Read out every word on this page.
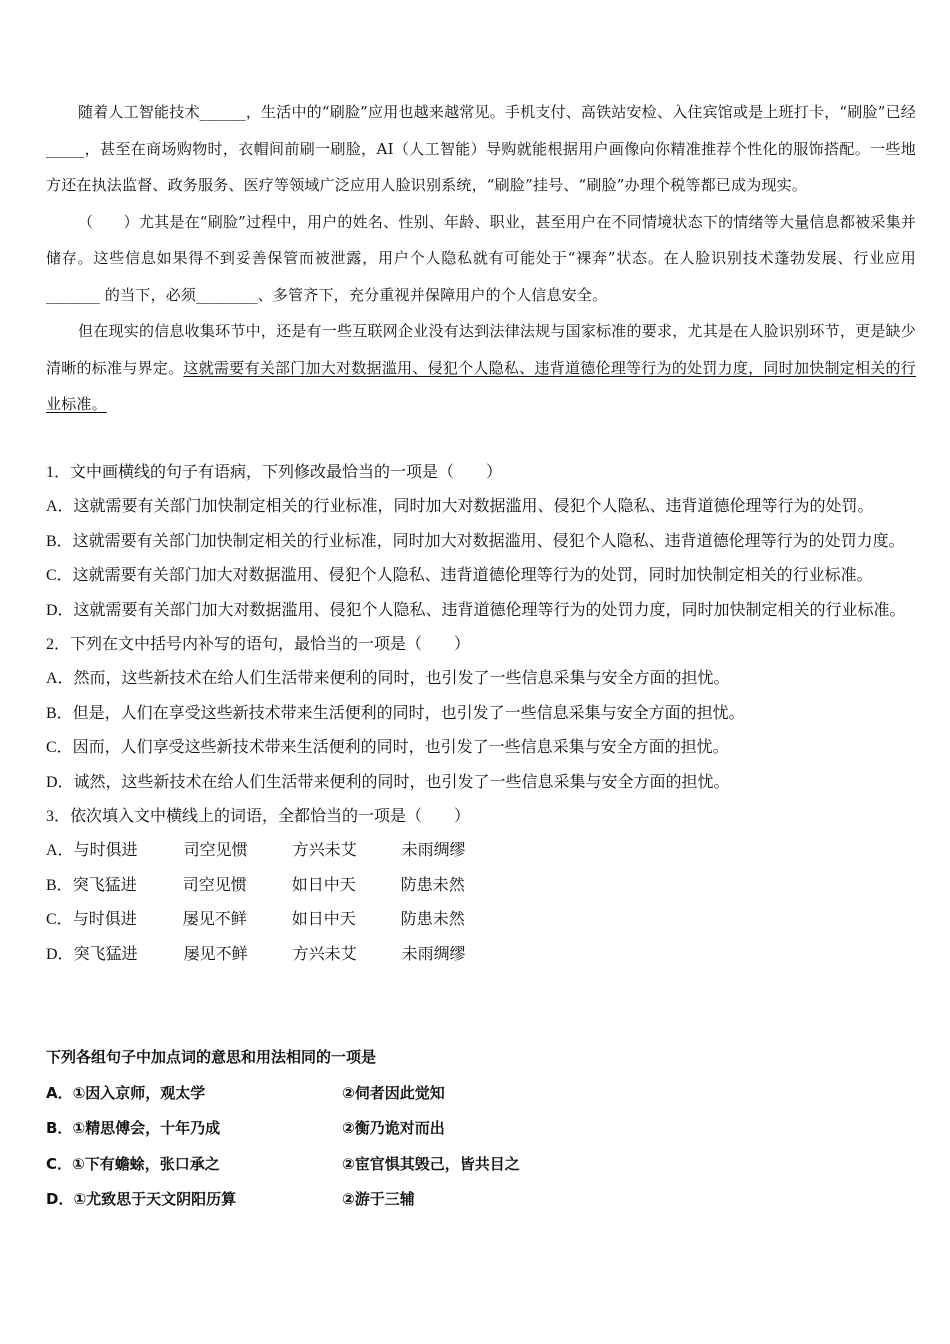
随着人工智能技术______，生活中的“刷脸”应用也越来越常见。手机支付、高铁站安检、入住宾馆或是上班打卡，“刷脸”已经 _____，甚至在商场购物时，衣帽间前刷一刷脸，AI（人工智能）导购就能根据用户画像向你精准推荐个性化的服饰搭配。一些地方还在执法监督、政务服务、医疗等领域广泛应用人脸识别系统，“刷脸”挂号、“刷脸”办理个税等都已成为现实。

（　　）尤其是在“刷脸”过程中，用户的姓名、性别、年龄、职业，甚至用户在不同情境状态下的情绪等大量信息都被采集并储存。这些信息如果得不到妥善保管而被泄露，用户个人隐私就有可能处于“裸奔”状态。在人脸识别技术蓬勃发展、行业应用_______ 的当下，必须________、多管齐下，充分重视并保障用户的个人信息安全。

但在现实的信息收集环节中，还是有一些互联网企业没有达到法律法规与国家标准的要求，尤其是在人脸识别环节，更是缺少清晰的标准与界定。这就需要有关部门加大对数据滥用、侵犯个人隐私、违背道德伦理等行为的处罚力度，同时加快制定相关的行业标准。

1．文中画横线的句子有语病，下列修改最恰当的一项是（　　）
A．这就需要有关部门加快制定相关的行业标准，同时加大对数据滥用、侵犯个人隐私、违背道德伦理等行为的处罚。
B．这就需要有关部门加快制定相关的行业标准，同时加大对数据滥用、侵犯个人隐私、违背道德伦理等行为的处罚力度。
C．这就需要有关部门加大对数据滥用、侵犯个人隐私、违背道德伦理等行为的处罚，同时加快制定相关的行业标准。
D．这就需要有关部门加大对数据滥用、侵犯个人隐私、违背道德伦理等行为的处罚力度，同时加快制定相关的行业标准。
2．下列在文中括号内补写的语句，最恰当的一项是（　　）
A．然而，这些新技术在给人们生活带来便利的同时，也引发了一些信息采集与安全方面的担忧。
B．但是，人们在享受这些新技术带来生活便利的同时，也引发了一些信息采集与安全方面的担忧。
C．因而，人们享受这些新技术带来生活便利的同时，也引发了一些信息采集与安全方面的担忧。
D．诚然，这些新技术在给人们生活带来便利的同时，也引发了一些信息采集与安全方面的担忧。
3．依次填入文中横线上的词语，全都恰当的一项是（　　）
A．与时俱进	司空见惯	方兴未艾	未雨绸缪
B．突飞猛进	司空见惯	如日中天	防患未然
C．与时俱进	屡见不鲜	如日中天	防患未然
D．突飞猛进	屡见不鲜	方兴未艾	未雨绸缪
下列各组句子中加点词的意思和用法相同的一项是
A．①因入京师，观太学	②伺者因此觉知
B．①精思傅会，十年乃成	②衡乃诡对而出
C．①下有蟾蜍，张口承之	②宦官惧其毁己，皆共目之
D．①尤致思于天文阴阳历算	②游于三辅
